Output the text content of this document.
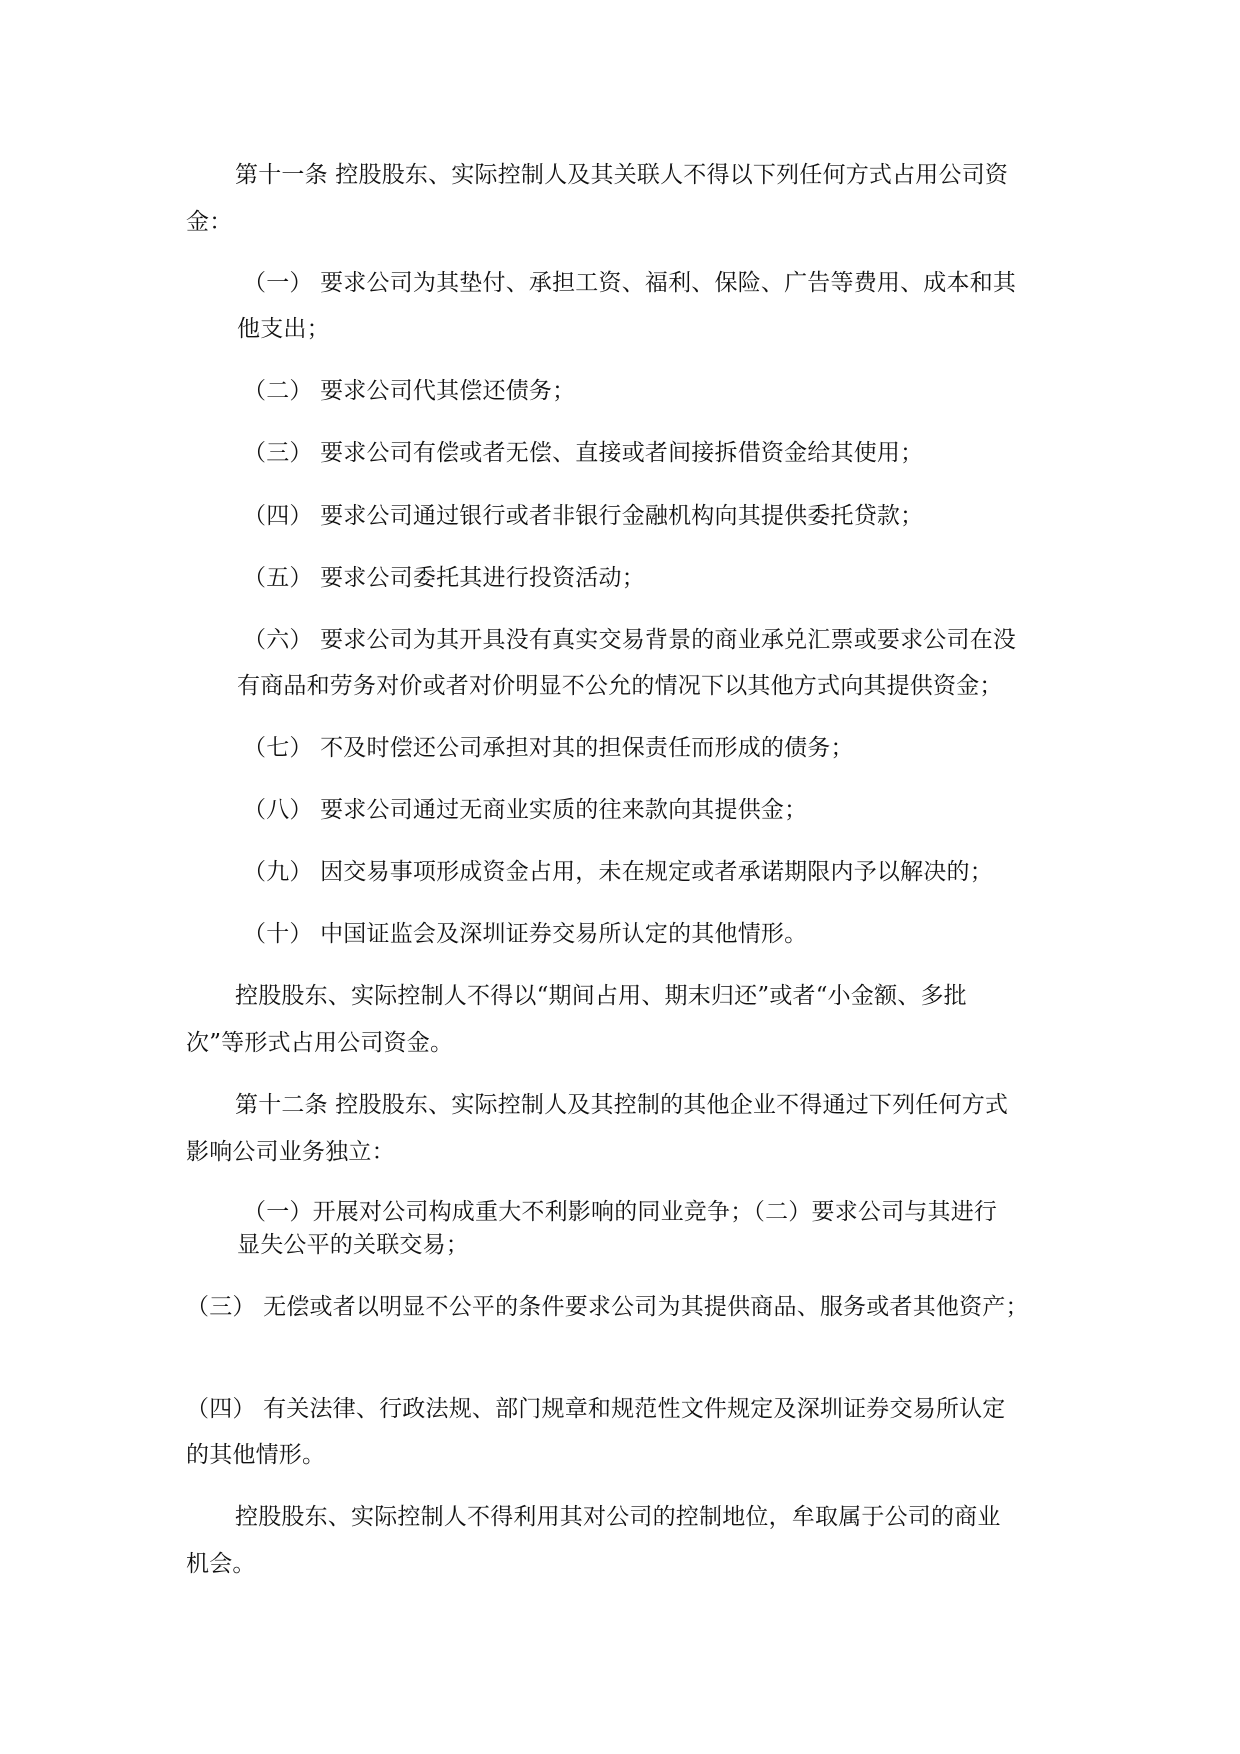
第十一条 控股股东、实际控制人及其关联人不得以下列任何方式占用公司资

金：

（一） 要求公司为其垫付、承担工资、福利、保险、广告等费用、成本和其

他支出；

（二） 要求公司代其偿还债务；

（三） 要求公司有偿或者无偿、直接或者间接拆借资金给其使用；

（四） 要求公司通过银行或者非银行金融机构向其提供委托贷款；

（五） 要求公司委托其进行投资活动；

（六） 要求公司为其开具没有真实交易背景的商业承兑汇票或要求公司在没

有商品和劳务对价或者对价明显不公允的情况下以其他方式向其提供资金；

（七） 不及时偿还公司承担对其的担保责任而形成的债务；

（八） 要求公司通过无商业实质的往来款向其提供金；

（九） 因交易事项形成资金占用，未在规定或者承诺期限内予以解决的；

（十） 中国证监会及深圳证券交易所认定的其他情形。

控股股东、实际控制人不得以“期间占用、期末归还”或者“小金额、多批

次”等形式占用公司资金。

第十二条 控股股东、实际控制人及其控制的其他企业不得通过下列任何方式

影响公司业务独立：

（一）开展对公司构成重大不利影响的同业竞争；（二）要求公司与其进行

显失公平的关联交易；

（三） 无偿或者以明显不公平的条件要求公司为其提供商品、服务或者其他资产；

（四） 有关法律、行政法规、部门规章和规范性文件规定及深圳证券交易所认定

的其他情形。

控股股东、实际控制人不得利用其对公司的控制地位，牟取属于公司的商业

机会。
